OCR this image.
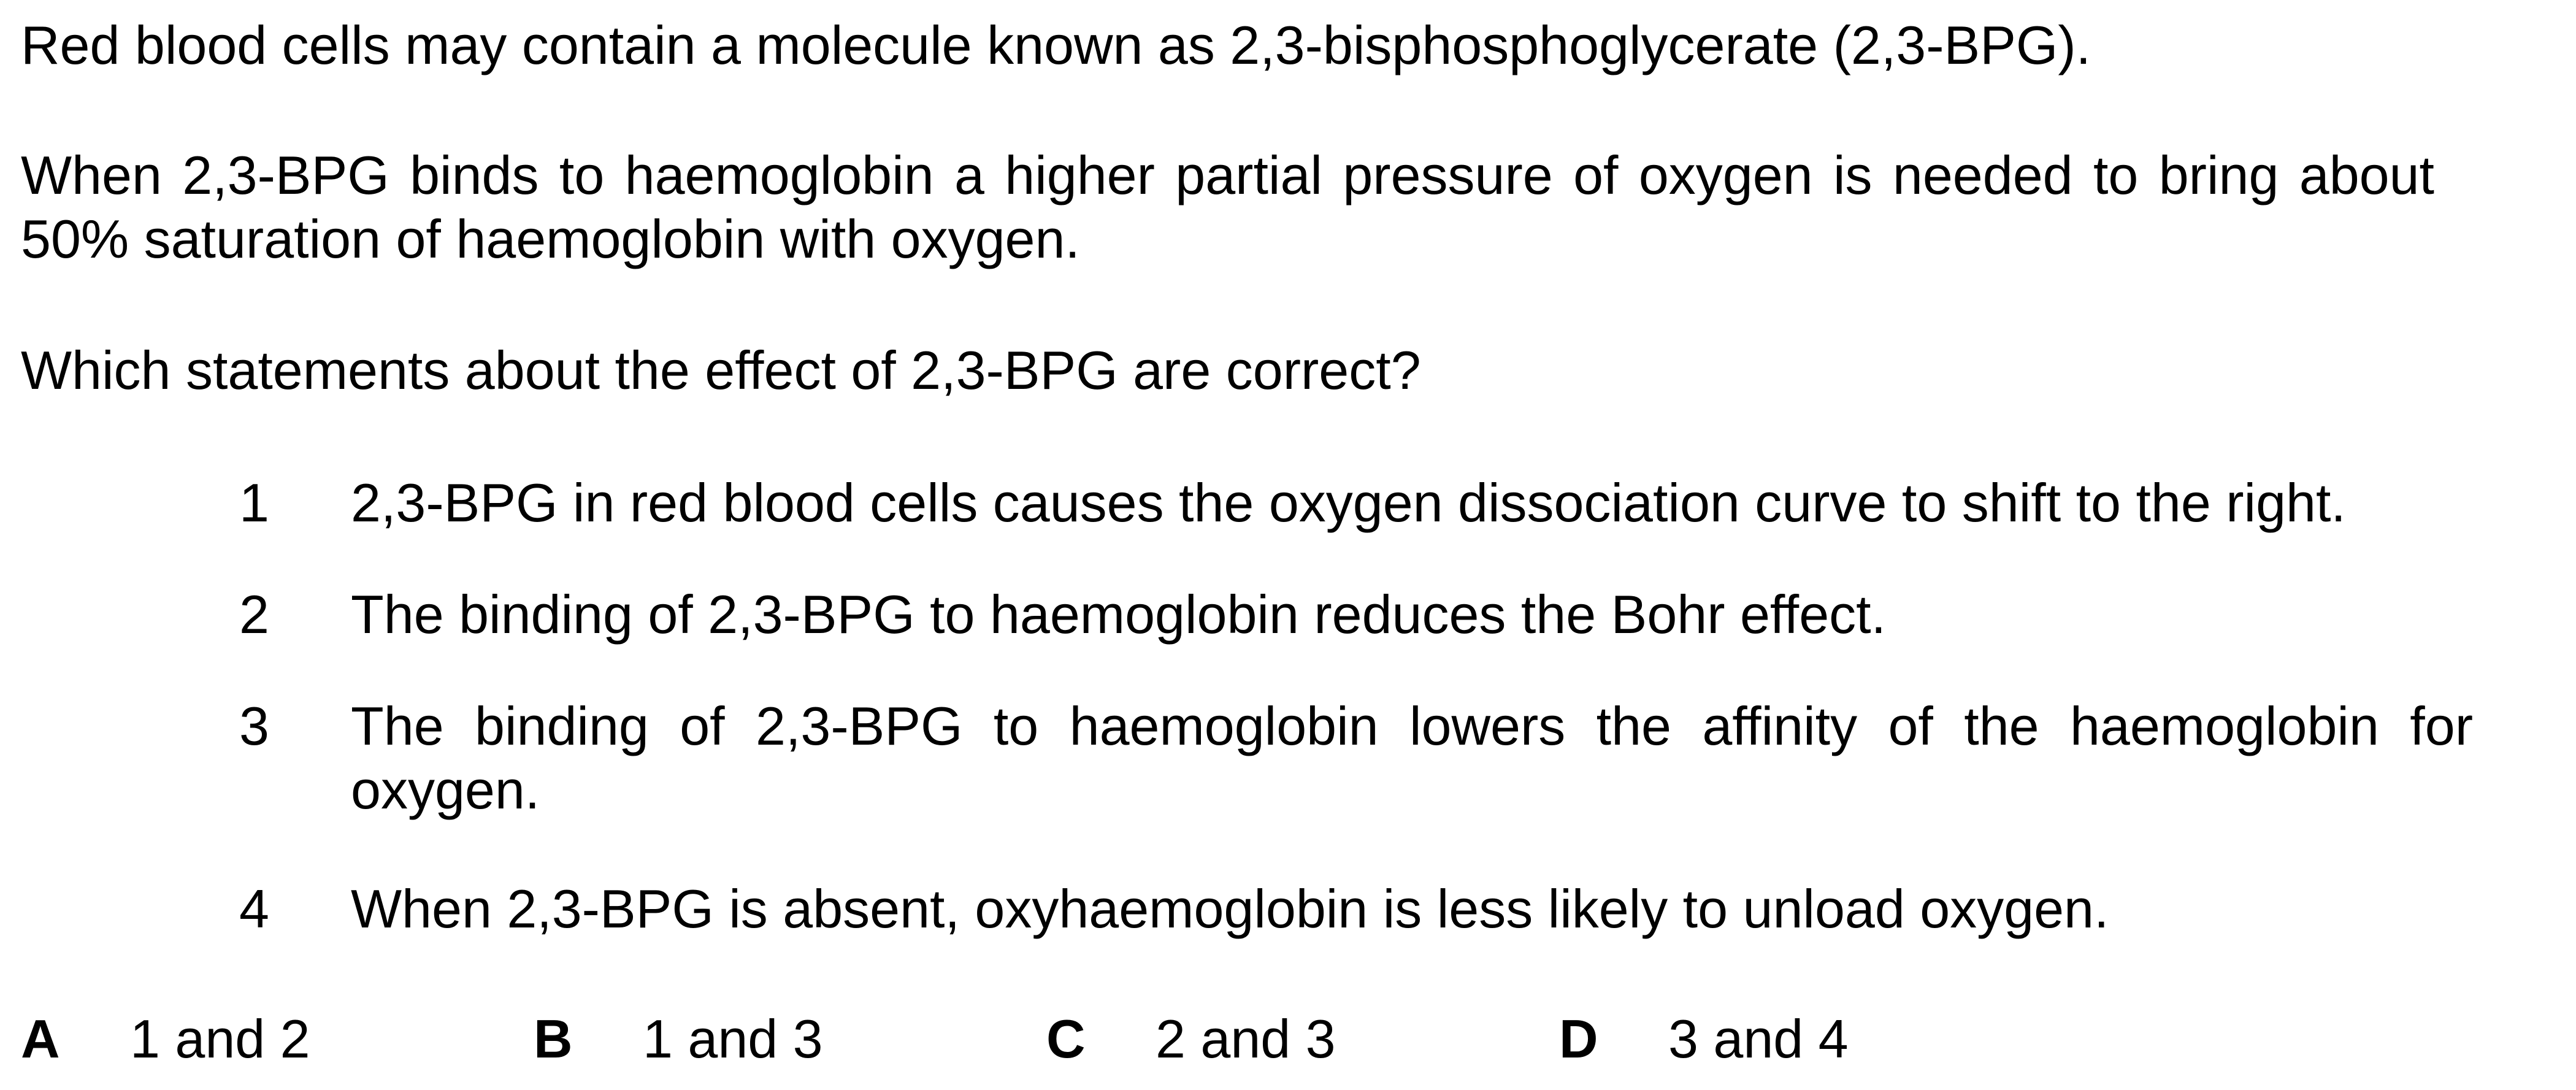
Red blood cells may contain a molecule known as 2,3-bisphosphoglycerate (2,3-BPG).

When 2,3-BPG binds to haemoglobin a higher partial pressure of oxygen is needed to bring about 50% saturation of haemoglobin with oxygen.

Which statements about the effect of 2,3-BPG are correct?

1 2,3-BPG in red blood cells causes the oxygen dissociation curve to shift to the right.
2 The binding of 2,3-BPG to haemoglobin reduces the Bohr effect.
3 The binding of 2,3-BPG to haemoglobin lowers the affinity of the haemoglobin for oxygen.
4 When 2,3-BPG is absent, oxyhaemoglobin is less likely to unload oxygen.
A 1 and 2	B 1 and 3	C 2 and 3	D 3 and 4
